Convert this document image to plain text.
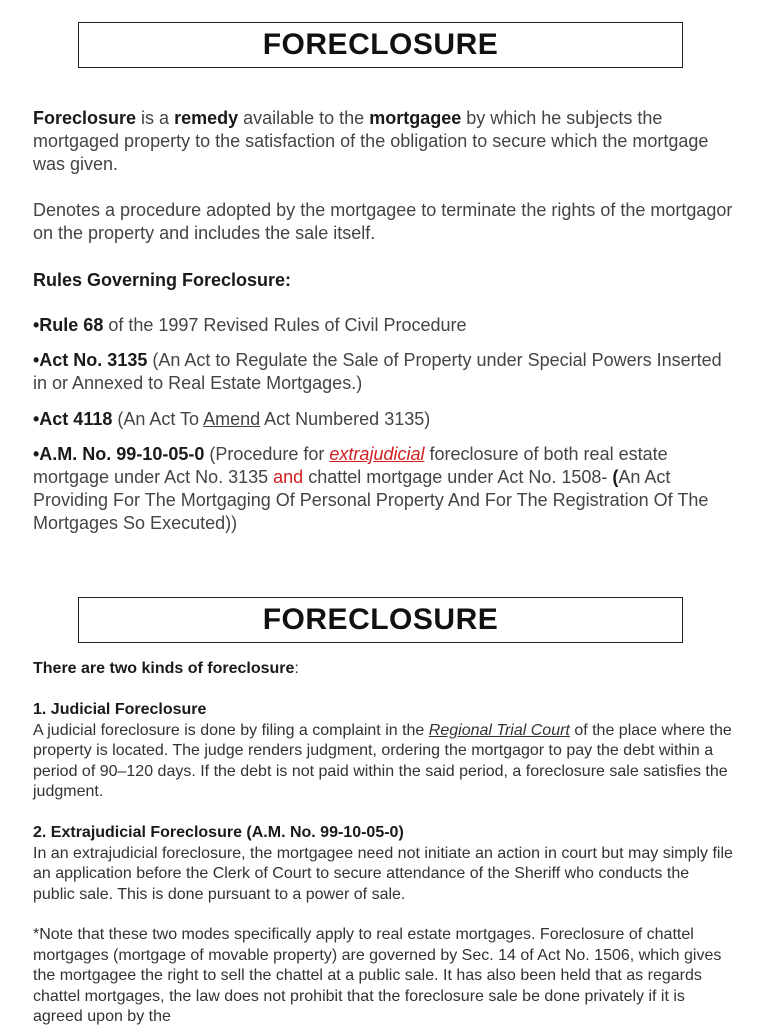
FORECLOSURE

Foreclosure is a remedy available to the mortgagee by which he subjects the mortgaged property to the satisfaction of the obligation to secure which the mortgage was given.

Denotes a procedure adopted by the mortgagee to terminate the rights of the mortgagor on the property and includes the sale itself.

Rules Governing Foreclosure:

•Rule 68 of the 1997 Revised Rules of Civil Procedure

•Act No. 3135 (An Act to Regulate the Sale of Property under Special Powers Inserted in or Annexed to Real Estate Mortgages.)

•Act 4118 (An Act To Amend Act Numbered 3135)

•A.M. No. 99-10-05-0 (Procedure for extrajudicial foreclosure of both real estate mortgage under Act No. 3135 and chattel mortgage under Act No. 1508- (An Act Providing For The Mortgaging Of Personal Property And For The Registration Of The Mortgages So Executed))

FORECLOSURE

There are two kinds of foreclosure:

1. Judicial Foreclosure

A judicial foreclosure is done by filing a complaint in the Regional Trial Court of the place where the property is located. The judge renders judgment, ordering the mortgagor to pay the debt within a period of 90–120 days. If the debt is not paid within the said period, a foreclosure sale satisfies the judgment.

2. Extrajudicial Foreclosure (A.M. No. 99-10-05-0)

In an extrajudicial foreclosure, the mortgagee need not initiate an action in court but may simply file an application before the Clerk of Court to secure attendance of the Sheriff who conducts the public sale. This is done pursuant to a power of sale.

*Note that these two modes specifically apply to real estate mortgages. Foreclosure of chattel mortgages (mortgage of movable property) are governed by Sec. 14 of Act No. 1506, which gives the mortgagee the right to sell the chattel at a public sale. It has also been held that as regards chattel mortgages, the law does not prohibit that the foreclosure sale be done privately if it is agreed upon by the
